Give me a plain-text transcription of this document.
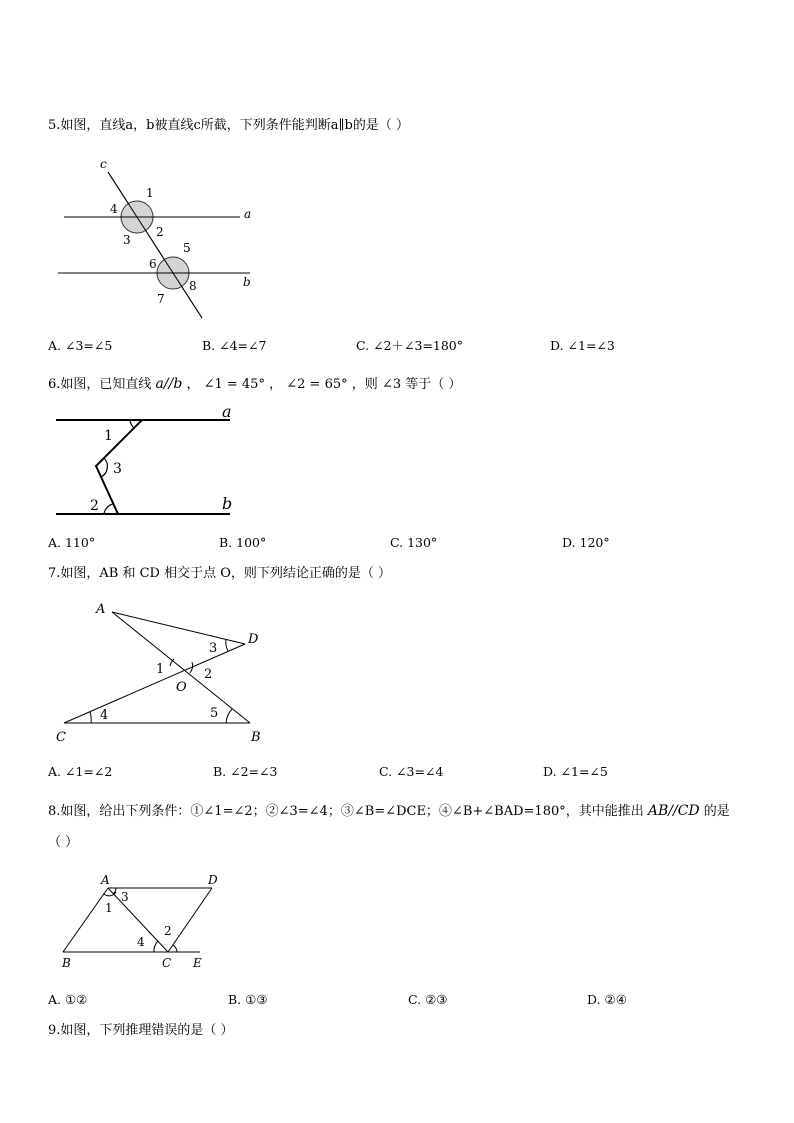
5.如图，直线a，b被直线c所截，下列条件能判断a∥b的是（ ）
c
1
4	a
3
2
5
6
b
7
8
A. ∠3=∠5	B. ∠4=∠7	C. ∠2＋∠3=180°	D. ∠1=∠3
6.如图，已知直线 a//b ， ∠1 = 45° ， ∠2 = 65° ，则 ∠3 等于（ ）
a
1
3
2	b
A. 110°	B. 100°	C. 130°	D. 120°
7.如图，AB 和 CD 相交于点 O，则下列结论正确的是（ ）
A
D
3
1	2
O
4	5
C	B
A. ∠1=∠2	B. ∠2=∠3	C. ∠3=∠4	D. ∠1=∠5
8.如图，给出下列条件：①∠1=∠2；②∠3=∠4；③∠B=∠DCE；④∠B+∠BAD=180°，其中能推出 AB//CD 的是
（ ）
A	D
3
1
4
2
B	C E
A. ①②	B. ①③	C. ②③	D. ②④
9.如图，下列推理错误的是（ ）
